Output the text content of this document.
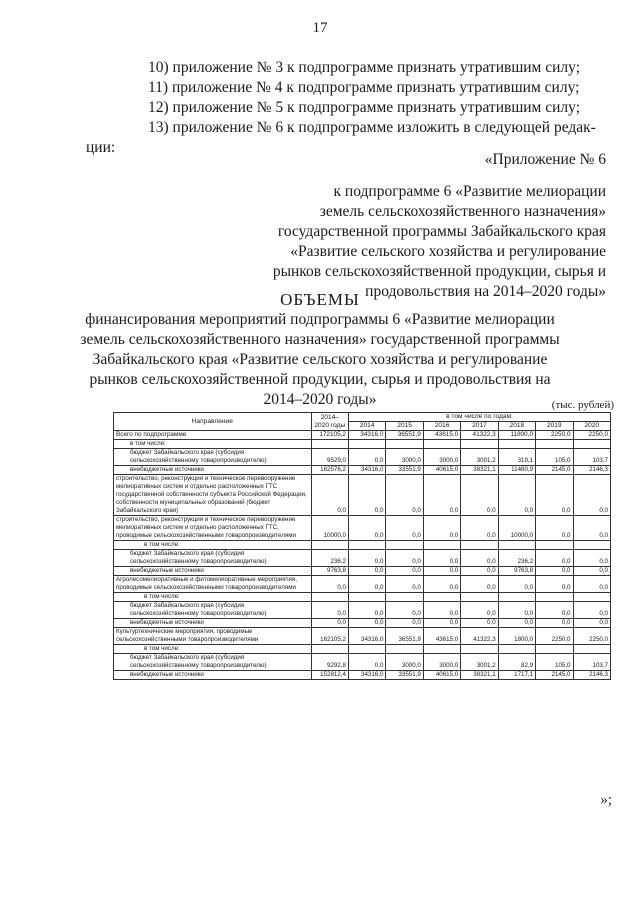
17
10) приложение № 3 к подпрограмме признать утратившим силу;
11) приложение № 4 к подпрограмме признать утратившим силу;
12) приложение № 5 к подпрограмме признать утратившим силу;
13) приложение № 6 к подпрограмме изложить в следующей редак-
ции:
«Приложение № 6
к подпрограмме 6 «Развитие мелиорации
земель сельскохозяйственного назначения»
государственной программы Забайкальского края
«Развитие сельского хозяйства и регулирование
рынков сельскохозяйственной продукции, сырья и
продовольствия на 2014–2020 годы»
ОБЪЕМЫ
финансирования мероприятий подпрограммы 6 «Развитие мелиорации
земель сельскохозяйственного назначения» государственной программы
Забайкальского края «Развитие сельского хозяйства и регулирование
рынков сельскохозяйственной продукции, сырья и продовольствия на
2014–2020 годы»	(тыс. рублей)
Направление	2014–2020 годы	в том числе по годам:						
		2014	2015	2016	2017	2018	2019	2020
Всего по подпрограмме	172105,2	34316,0	36551,9	43615,0	41322,3	11800,0	2250,0	2250,0
в том числе:								
бюджет Забайкальского края (субсидия сельскохозяйственному товаропроизводителю)	9529,0	0,0	3000,0	3000,0	3001,2	319,1	105,0	103,7
внебюджетные источники	162576,2	34316,0	33551,9	40615,0	38321,1	11480,9	2145,0	2146,3
строительство, реконструкция и техническое перевооружение мелиоративных систем и отдельно расположенных ГТС государственной собственности субъекта Российской Федерации, собственности муниципальных образований (бюджет Забайкальского края)	0,0	0,0	0,0	0,0	0,0	0,0	0,0	0,0
строительство, реконструкция и техническое перевооружение мелиоративных систем и отдельно расположенных ГТС, проводимые сельскохозяйственными товаропроизводителями	10000,0	0,0	0,0	0,0	0,0	10000,0	0,0	0,0
в том числе:								
бюджет Забайкальского края (субсидия сельскохозяйственному товаропроизводителю)	236,2	0,0	0,0	0,0	0,0	236,2	0,0	0,0
внебюджетные источники	9763,8	0,0	0,0	0,0	0,0	9763,8	0,0	0,0
Агролесомелиоративные и фитомелиоративные мероприятия, проводимые сельскохозяйственными товаропроизводителями	0,0	0,0	0,0	0,0	0,0	0,0	0,0	0,0
в том числе:								
бюджет Забайкальского края (субсидия сельскохозяйственному товаропроизводителю)	0,0	0,0	0,0	0,0	0,0	0,0	0,0	0,0
внебюджетные источники	0,0	0,0	0,0	0,0	0,0	0,0	0,0	0,0
Культуртехнические мероприятия, проводимые сельскохозяйственными товаропроизводителями	162105,2	34316,0	36551,9	43615,0	41322,3	1800,0	2250,0	2250,0
в том числе:								
бюджет Забайкальского края (субсидия сельскохозяйственному товаропроизводителю)	9292,8	0,0	3000,0	3000,0	3001,2	82,9	105,0	103,7
внебюджетные источники	152812,4	34316,0	33551,9	40615,0	38321,1	1717,1	2145,0	2146,3
»;
